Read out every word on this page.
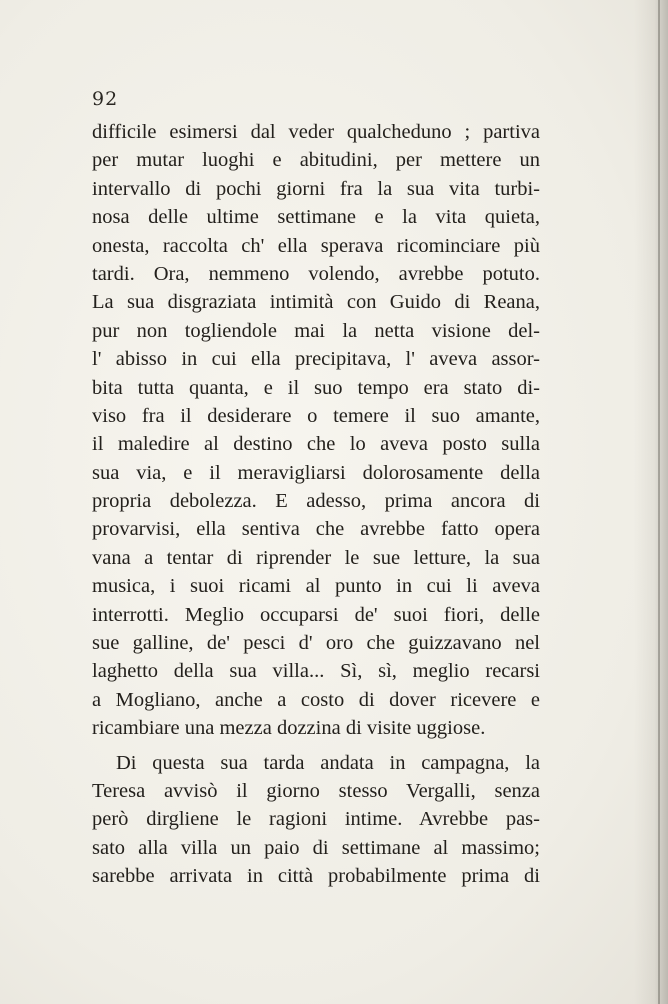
92
difficile esimersi dal veder qualcheduno ; partiva
per mutar luoghi e abitudini, per mettere un
intervallo di pochi giorni fra la sua vita turbi-
nosa delle ultime settimane e la vita quieta,
onesta, raccolta ch' ella sperava ricominciare più
tardi. Ora, nemmeno volendo, avrebbe potuto.
La sua disgraziata intimità con Guido di Reana,
pur non togliendole mai la netta visione del-
l' abisso in cui ella precipitava, l' aveva assor-
bita tutta quanta, e il suo tempo era stato di-
viso fra il desiderare o temere il suo amante,
il maledire al destino che lo aveva posto sulla
sua via, e il meravigliarsi dolorosamente della
propria debolezza. E adesso, prima ancora di
provarvisi, ella sentiva che avrebbe fatto opera
vana a tentar di riprender le sue letture, la sua
musica, i suoi ricami al punto in cui li aveva
interrotti. Meglio occuparsi de' suoi fiori, delle
sue galline, de' pesci d' oro che guizzavano nel
laghetto della sua villa... Sì, sì, meglio recarsi
a Mogliano, anche a costo di dover ricevere e
ricambiare una mezza dozzina di visite uggiose.
Di questa sua tarda andata in campagna, la
Teresa avvisò il giorno stesso Vergalli, senza
però dirgliene le ragioni intime. Avrebbe pas-
sato alla villa un paio di settimane al massimo;
sarebbe arrivata in città probabilmente prima di
